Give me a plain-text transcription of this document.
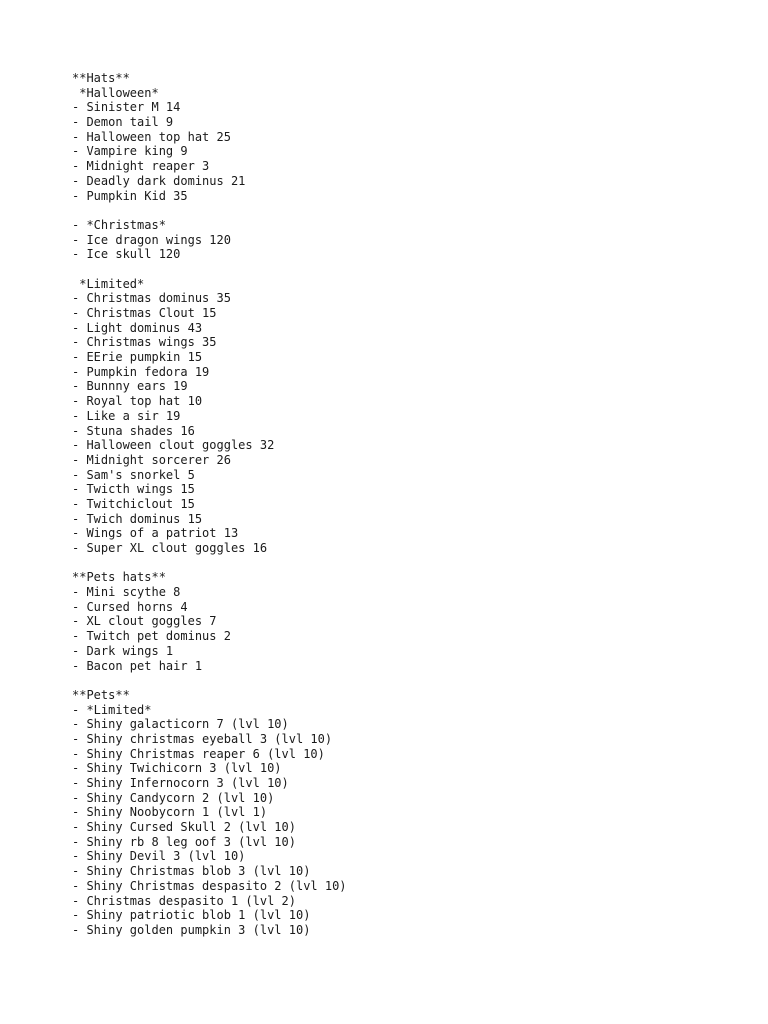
**Hats**
*Halloween*
- Sinister M 14
- Demon tail 9
- Halloween top hat 25
- Vampire king 9
- Midnight reaper 3
- Deadly dark dominus 21
- Pumpkin Kid 35
- *Christmas*
- Ice dragon wings 120
- Ice skull 120
*Limited*
- Christmas dominus 35
- Christmas Clout 15
- Light dominus 43
- Christmas wings 35
- EErie pumpkin 15
- Pumpkin fedora 19
- Bunnny ears 19
- Royal top hat 10
- Like a sir 19
- Stuna shades 16
- Halloween clout goggles 32
- Midnight sorcerer 26
- Sam's snorkel 5
- Twicth wings 15
- Twitchiclout 15
- Twich dominus 15
- Wings of a patriot 13
- Super XL clout goggles 16
**Pets hats**
- Mini scythe 8
- Cursed horns 4
- XL clout goggles 7
- Twitch pet dominus 2
- Dark wings 1
- Bacon pet hair 1
**Pets**
- *Limited*
- Shiny galacticorn 7 (lvl 10)
- Shiny christmas eyeball 3 (lvl 10)
- Shiny Christmas reaper 6 (lvl 10)
- Shiny Twichicorn 3 (lvl 10)
- Shiny Infernocorn 3 (lvl 10)
- Shiny Candycorn 2 (lvl 10)
- Shiny Noobycorn 1 (lvl 1)
- Shiny Cursed Skull 2 (lvl 10)
- Shiny rb 8 leg oof 3 (lvl 10)
- Shiny Devil 3 (lvl 10)
- Shiny Christmas blob 3 (lvl 10)
- Shiny Christmas despasito 2 (lvl 10)
- Christmas despasito 1 (lvl 2)
- Shiny patriotic blob 1 (lvl 10)
- Shiny golden pumpkin 3 (lvl 10)
